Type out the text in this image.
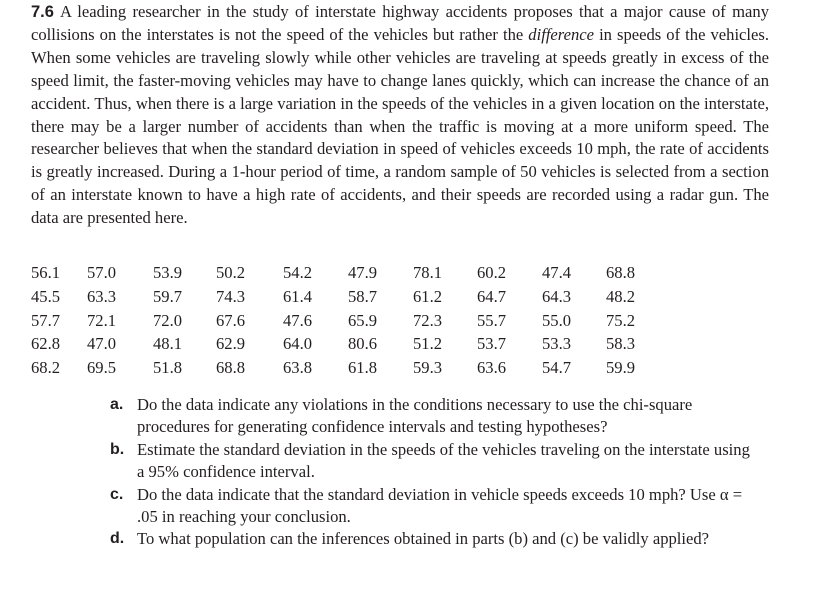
7.6 A leading researcher in the study of interstate highway accidents proposes that a major cause of many collisions on the interstates is not the speed of the vehicles but rather the difference in speeds of the vehicles. When some vehicles are traveling slowly while other vehicles are traveling at speeds greatly in excess of the speed limit, the faster-moving vehicles may have to change lanes quickly, which can increase the chance of an accident. Thus, when there is a large variation in the speeds of the vehicles in a given location on the interstate, there may be a larger number of accidents than when the traffic is moving at a more uniform speed. The researcher believes that when the standard deviation in speed of vehicles exceeds 10 mph, the rate of accidents is greatly increased. During a 1-hour period of time, a random sample of 50 vehicles is selected from a section of an interstate known to have a high rate of accidents, and their speeds are recorded using a radar gun. The data are presented here.
56.1	57.0	53.9	50.2	54.2	47.9	78.1	60.2	47.4	68.8
45.5	63.3	59.7	74.3	61.4	58.7	61.2	64.7	64.3	48.2
57.7	72.1	72.0	67.6	47.6	65.9	72.3	55.7	55.0	75.2
62.8	47.0	48.1	62.9	64.0	80.6	51.2	53.7	53.3	58.3
68.2	69.5	51.8	68.8	63.8	61.8	59.3	63.6	54.7	59.9
a. Do the data indicate any violations in the conditions necessary to use the chi-square procedures for generating confidence intervals and testing hypotheses?
b. Estimate the standard deviation in the speeds of the vehicles traveling on the interstate using a 95% confidence interval.
c. Do the data indicate that the standard deviation in vehicle speeds exceeds 10 mph? Use α = .05 in reaching your conclusion.
d. To what population can the inferences obtained in parts (b) and (c) be validly applied?
